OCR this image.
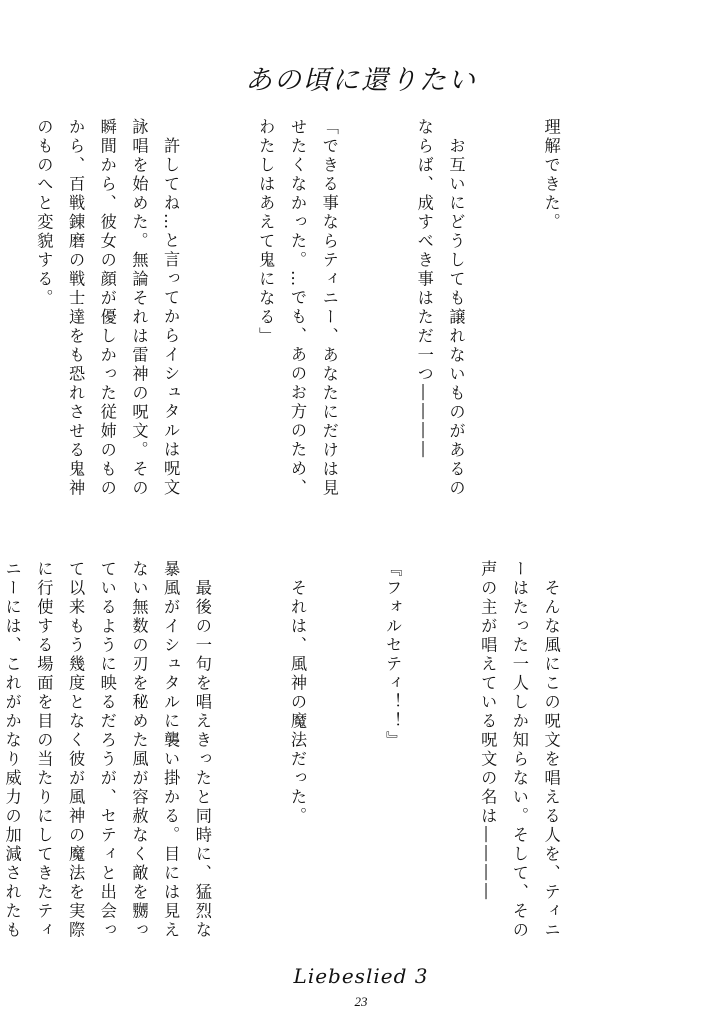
あの頃に還りたい

理解できた。

　お互いにどうしても譲れないものがあるのならば、成すべき事はただ一つ――――

「できる事ならティニー、あなたにだけは見せたくなかった。…でも、あのお方のため、わたしはあえて鬼になる」

　許してね…と言ってからイシュタルは呪文詠唱を始めた。無論それは雷神の呪文。その瞬間から、彼女の顔が優しかった従姉のものから、百戦錬磨の戦士達をも恐れさせる鬼神のものへと変貌する。

　そんな風にこの呪文を唱える人を、ティニーはたった一人しか知らない。そして、その声の主が唱えている呪文の名は――――

『フォルセティ！！』

　それは、風神の魔法だった。

　最後の一句を唱えきったと同時に、猛烈な暴風がイシュタルに襲い掛かる。目には見えない無数の刃を秘めた風が容赦なく敵を嬲っているように映るだろうが、セティと出会って以来もう幾度となく彼が風神の魔法を実際に行使する場面を目の当たりにしてきたティニーには、これがかなり威力の加減されたも

Liebeslied 3
23
